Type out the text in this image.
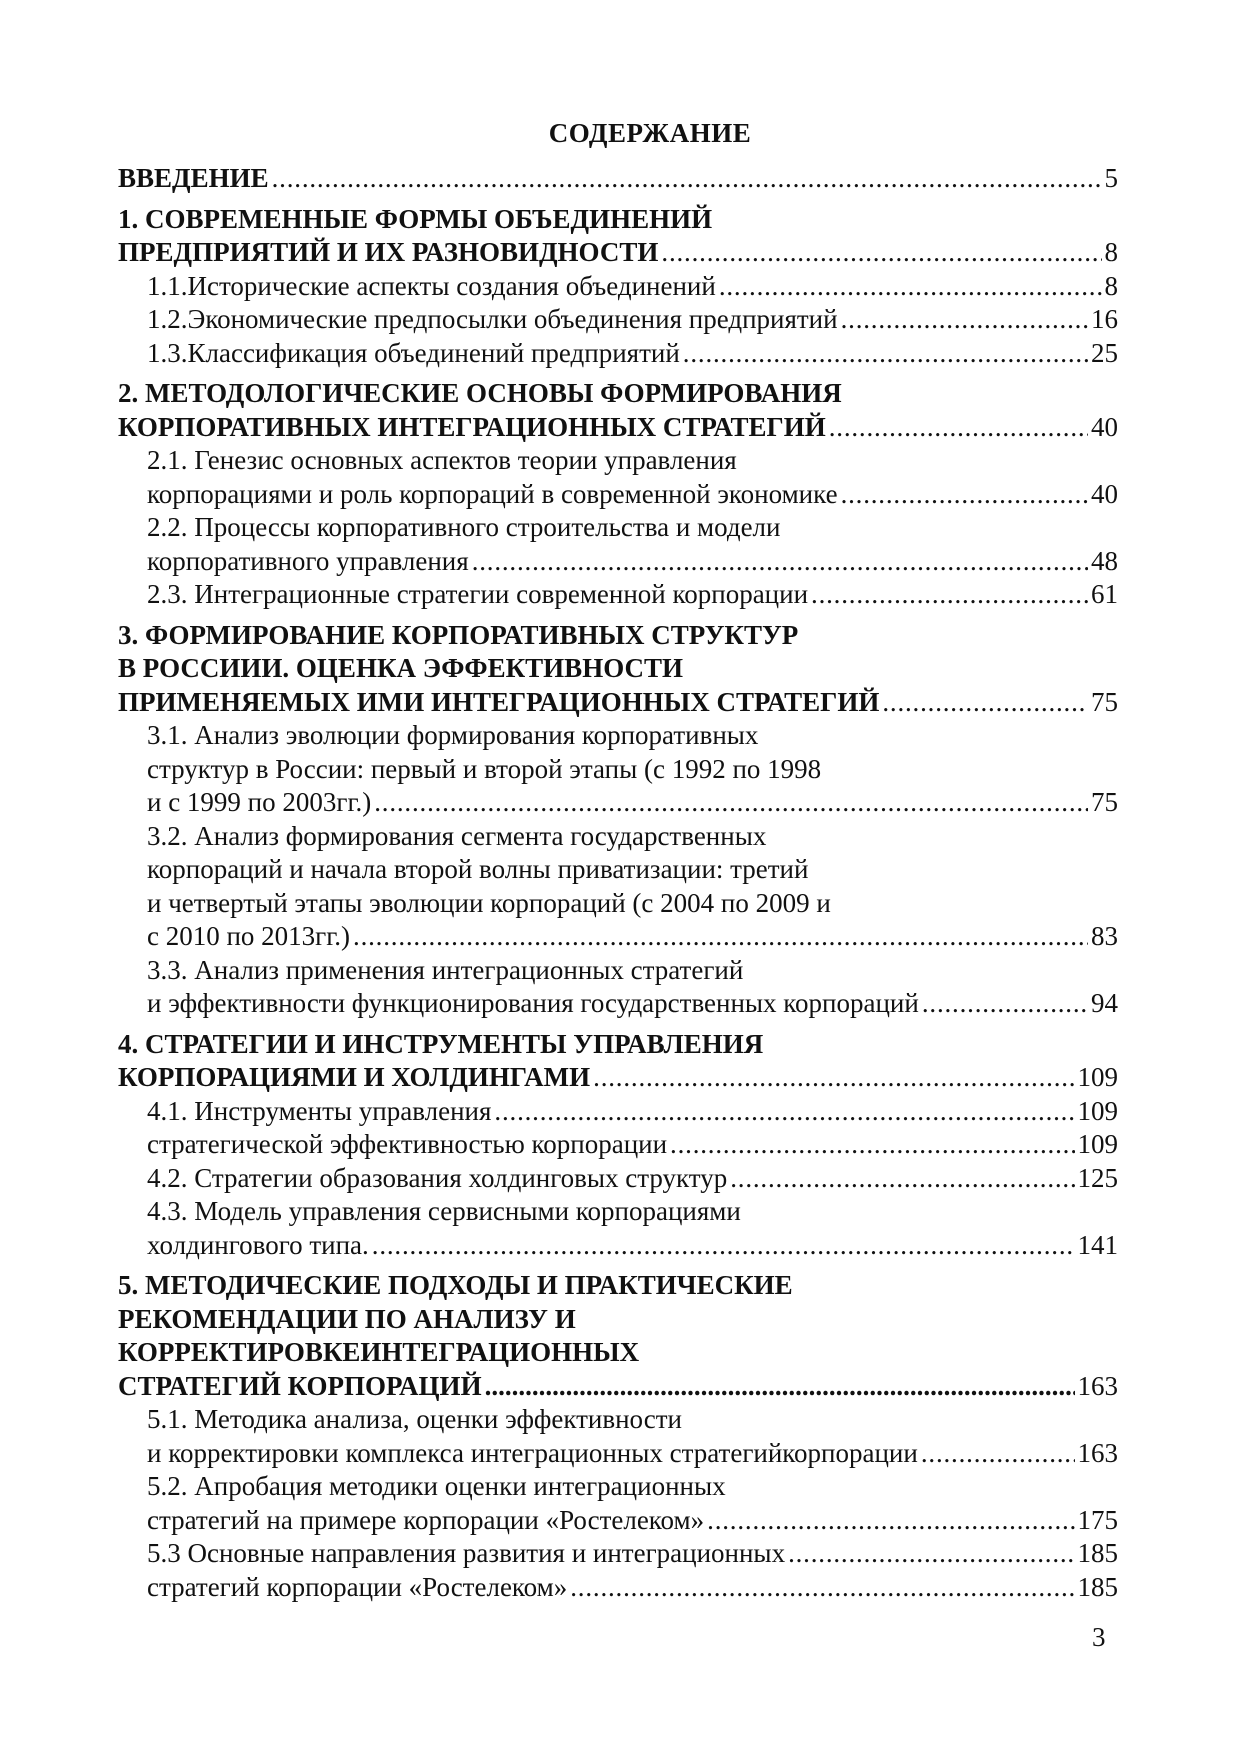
СОДЕРЖАНИЕ
ВВЕДЕНИЕ .....	5
1. СОВРЕМЕННЫЕ ФОРМЫ ОБЪЕДИНЕНИЙ
ПРЕДПРИЯТИЙ И ИХ РАЗНОВИДНОСТИ .....	8
1.1.Исторические аспекты создания объединений .....	8
1.2.Экономические предпосылки объединения предприятий .....	16
1.3.Классификация объединений предприятий .....	25
2. МЕТОДОЛОГИЧЕСКИЕ ОСНОВЫ ФОРМИРОВАНИЯ
КОРПОРАТИВНЫХ ИНТЕГРАЦИОННЫХ СТРАТЕГИЙ .....	40
2.1. Генезис основных аспектов теории управления
корпорациями и роль корпораций в современной экономике .....	40
2.2. Процессы корпоративного строительства и модели
корпоративного управления .....	48
2.3. Интеграционные стратегии современной корпорации .....	61
3. ФОРМИРОВАНИЕ КОРПОРАТИВНЫХ СТРУКТУР
В РОССИИИ. ОЦЕНКА ЭФФЕКТИВНОСТИ
ПРИМЕНЯЕМЫХ ИМИ ИНТЕГРАЦИОННЫХ СТРАТЕГИЙ .....	75
3.1. Анализ эволюции формирования корпоративных
структур в России: первый и второй этапы (с 1992 по 1998
и с 1999 по 2003гг.) .....	75
3.2. Анализ формирования сегмента государственных
корпораций и начала второй волны приватизации: третий
и четвертый этапы эволюции корпораций (с 2004 по 2009 и
с 2010 по 2013гг.) .....	83
3.3. Анализ применения интеграционных стратегий
и эффективности функционирования государственных корпораций .....	94
4. СТРАТЕГИИ И ИНСТРУМЕНТЫ УПРАВЛЕНИЯ
КОРПОРАЦИЯМИ И ХОЛДИНГАМИ .....	109
4.1. Инструменты управления .....	109
стратегической эффективностью корпорации .....	109
4.2. Стратегии образования холдинговых структур .....	125
4.3. Модель управления сервисными корпорациями
холдингового типа. .....	141
5. МЕТОДИЧЕСКИЕ ПОДХОДЫ И ПРАКТИЧЕСКИЕ
РЕКОМЕНДАЦИИ ПО АНАЛИЗУ И
КОРРЕКТИРОВКЕИНТЕГРАЦИОННЫХ
СТРАТЕГИЙ КОРПОРАЦИЙ .....	163
5.1. Методика анализа, оценки эффективности
и корректировки комплекса интеграционных стратегийкорпорации .....	163
5.2. Апробация методики оценки интеграционных
стратегий на примере корпорации «Ростелеком» .....	175
5.3 Основные направления развития и интеграционных .....	185
стратегий корпорации «Ростелеком» .....	185
3
